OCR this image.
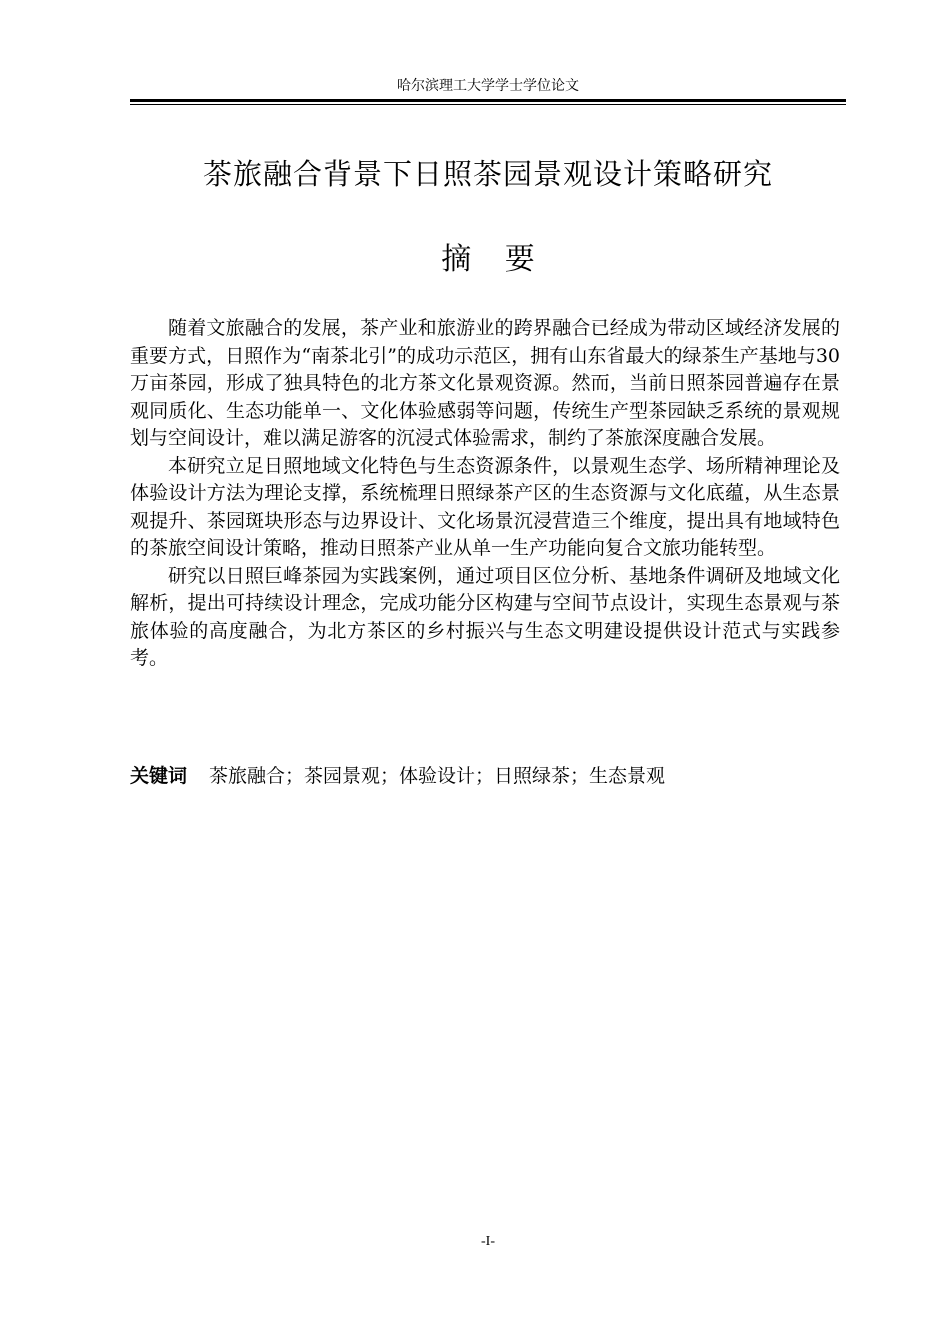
哈尔滨理工大学学士学位论文
茶旅融合背景下日照茶园景观设计策略研究
摘 要

随着文旅融合的发展，茶产业和旅游业的跨界融合已经成为带动区域经济发展的重要方式，日照作为“南茶北引”的成功示范区，拥有山东省最大的绿茶生产基地与30万亩茶园，形成了独具特色的北方茶文化景观资源。然而，当前日照茶园普遍存在景观同质化、生态功能单一、文化体验感弱等问题，传统生产型茶园缺乏系统的景观规划与空间设计，难以满足游客的沉浸式体验需求，制约了茶旅深度融合发展。

本研究立足日照地域文化特色与生态资源条件，以景观生态学、场所精神理论及体验设计方法为理论支撑，系统梳理日照绿茶产区的生态资源与文化底蕴，从生态景观提升、茶园斑块形态与边界设计、文化场景沉浸营造三个维度，提出具有地域特色的茶旅空间设计策略，推动日照茶产业从单一生产功能向复合文旅功能转型。

研究以日照巨峰茶园为实践案例，通过项目区位分析、基地条件调研及地域文化解析，提出可持续设计理念，完成功能分区构建与空间节点设计，实现生态景观与茶旅体验的高度融合，为北方茶区的乡村振兴与生态文明建设提供设计范式与实践参考。

关键词 茶旅融合；茶园景观；体验设计；日照绿茶；生态景观
-I-
